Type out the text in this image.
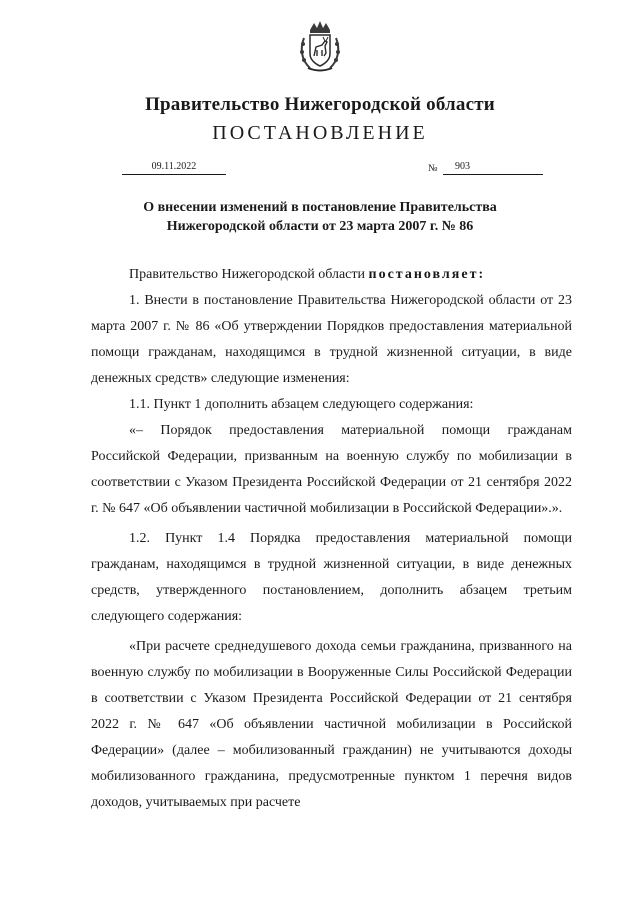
Правительство Нижегородской области
ПОСТАНОВЛЕНИЕ
09.11.2022	№	903
О внесении изменений в постановление Правительства
Нижегородской области от 23 марта 2007 г. № 86

Правительство Нижегородской области постановляет:

1. Внести в постановление Правительства Нижегородской области от 23 марта 2007 г. № 86 «Об утверждении Порядков предоставления материальной помощи гражданам, находящимся в трудной жизненной ситуации, в виде денежных средств» следующие изменения:

1.1. Пункт 1 дополнить абзацем следующего содержания:

«– Порядок предоставления материальной помощи гражданам Российской Федерации, призванным на военную службу по мобилизации в соответствии с Указом Президента Российской Федерации от 21 сентября 2022 г. № 647 «Об объявлении частичной мобилизации в Российской Федерации».».

1.2. Пункт 1.4 Порядка предоставления материальной помощи гражданам, находящимся в трудной жизненной ситуации, в виде денежных средств, утвержденного постановлением, дополнить абзацем третьим следующего содержания:

«При расчете среднедушевого дохода семьи гражданина, призванного на военную службу по мобилизации в Вооруженные Силы Российской Федерации в соответствии с Указом Президента Российской Федерации от 21 сентября 2022 г. № 647 «Об объявлении частичной мобилизации в Российской Федерации» (далее – мобилизованный гражданин) не учитываются доходы мобилизованного гражданина, предусмотренные пунктом 1 перечня видов доходов, учитываемых при расчете
